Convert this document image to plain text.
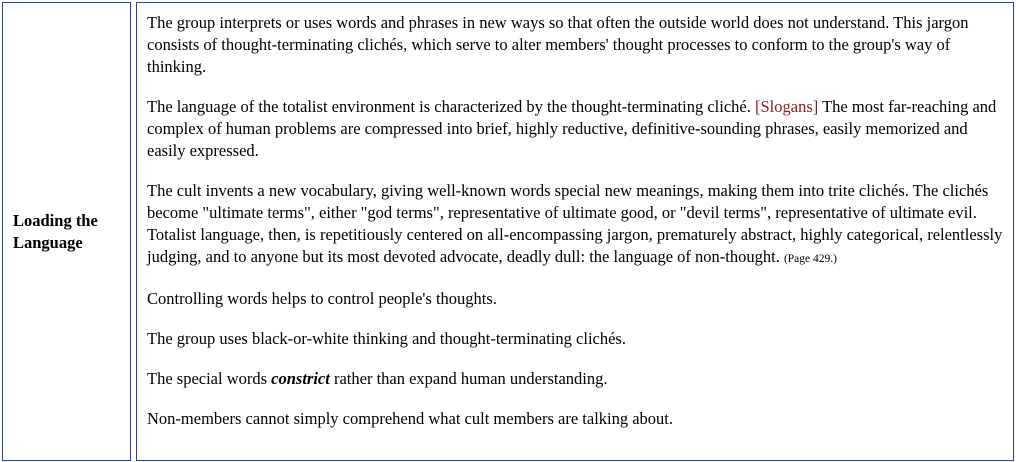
Loading the
Language

The group interprets or uses words and phrases in new ways so that often the outside world does not understand. This jargon consists of thought-terminating clichés, which serve to alter members' thought processes to conform to the group's way of thinking.

The language of the totalist environment is characterized by the thought-terminating cliché. [Slogans] The most far-reaching and complex of human problems are compressed into brief, highly reductive, definitive-sounding phrases, easily memorized and easily expressed.

The cult invents a new vocabulary, giving well-known words special new meanings, making them into trite clichés. The clichés become "ultimate terms", either "god terms", representative of ultimate good, or "devil terms", representative of ultimate evil. Totalist language, then, is repetitiously centered on all-encompassing jargon, prematurely abstract, highly categorical, relentlessly judging, and to anyone but its most devoted advocate, deadly dull: the language of non-thought. (Page 429.)

Controlling words helps to control people's thoughts.

The group uses black-or-white thinking and thought-terminating clichés.

The special words constrict rather than expand human understanding.

Non-members cannot simply comprehend what cult members are talking about.
